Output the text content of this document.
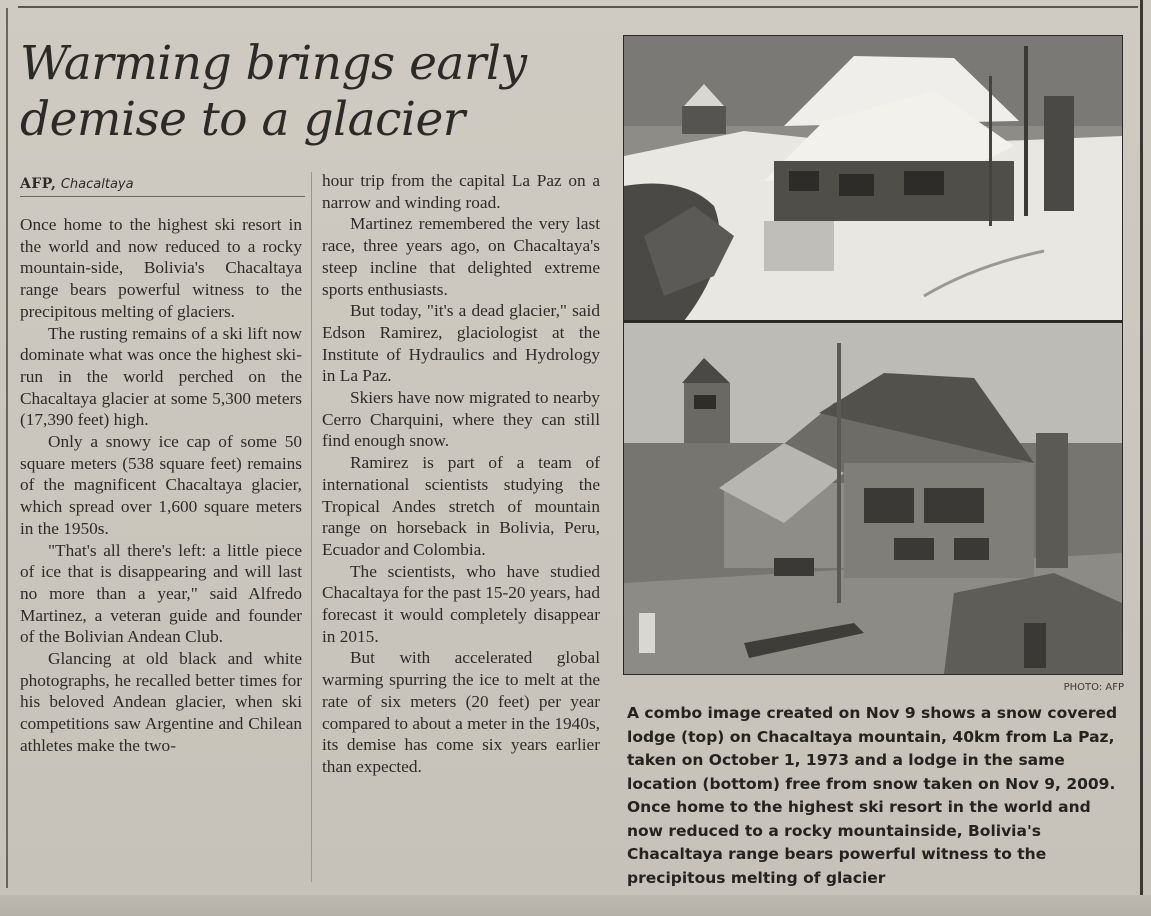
Warming brings early demise to a glacier
AFP, Chacaltaya

Once home to the highest ski resort in the world and now reduced to a rocky mountain-side, Bolivia's Chacaltaya range bears powerful witness to the precipitous melting of glaciers.

The rusting remains of a ski lift now dominate what was once the highest ski-run in the world perched on the Chacaltaya glacier at some 5,300 meters (17,390 feet) high.

Only a snowy ice cap of some 50 square meters (538 square feet) remains of the magnificent Chacaltaya glacier, which spread over 1,600 square meters in the 1950s.

"That's all there's left: a little piece of ice that is disappearing and will last no more than a year," said Alfredo Martinez, a veteran guide and founder of the Bolivian Andean Club.

Glancing at old black and white photographs, he recalled better times for his beloved Andean glacier, when ski competitions saw Argentine and Chilean athletes make the two-

hour trip from the capital La Paz on a narrow and winding road.

Martinez remembered the very last race, three years ago, on Chacaltaya's steep incline that delighted extreme sports enthusiasts.

But today, "it's a dead glacier," said Edson Ramirez, glaciologist at the Institute of Hydraulics and Hydrology in La Paz.

Skiers have now migrated to nearby Cerro Charquini, where they can still find enough snow.

Ramirez is part of a team of international scientists studying the Tropical Andes stretch of mountain range on horseback in Bolivia, Peru, Ecuador and Colombia.

The scientists, who have studied Chacaltaya for the past 15-20 years, had forecast it would completely disappear in 2015.

But with accelerated global warming spurring the ice to melt at the rate of six meters (20 feet) per year compared to about a meter in the 1940s, its demise has come six years earlier than expected.

PHOTO: AFP

A combo image created on Nov 9 shows a snow covered lodge (top) on Chacaltaya mountain, 40km from La Paz, taken on October 1, 1973 and a lodge in the same location (bottom) free from snow taken on Nov 9, 2009. Once home to the highest ski resort in the world and now reduced to a rocky mountainside, Bolivia's Chacaltaya range bears powerful witness to the precipitous melting of glacier
